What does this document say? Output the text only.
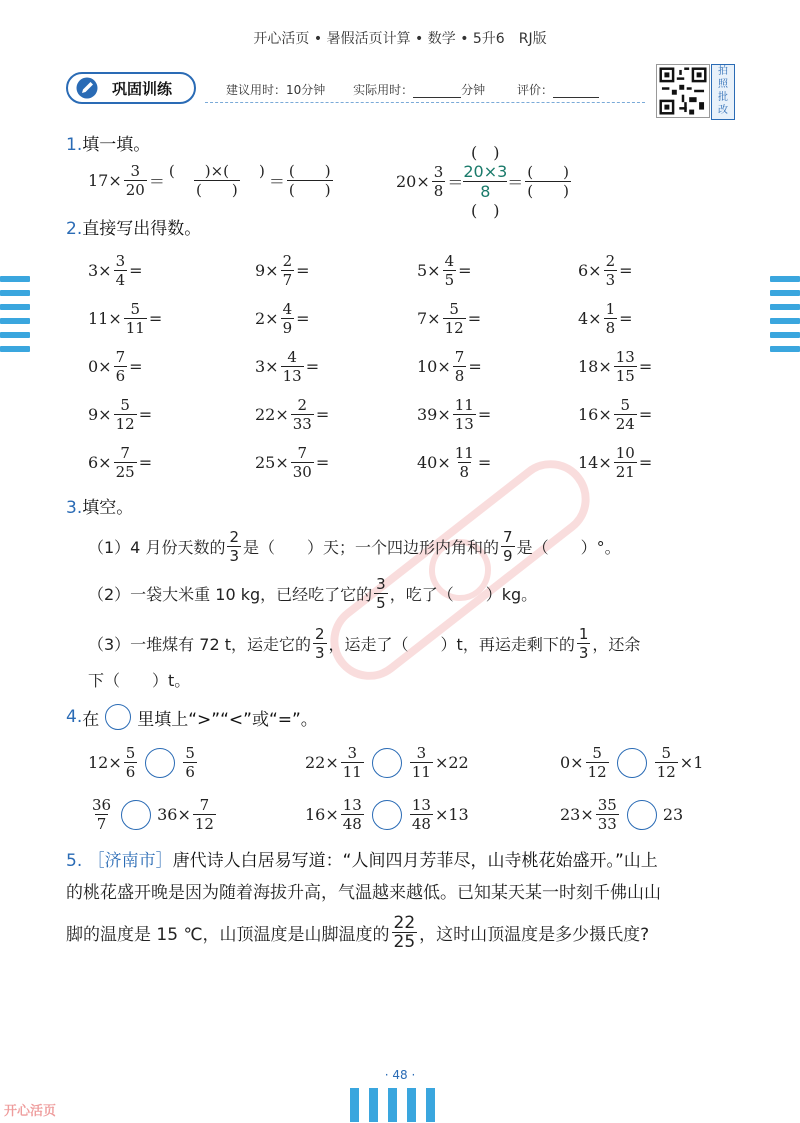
开心活页 • 暑假活页计算 • 数学 • 5升6　RJ版
巩固训练	建议用时：10分钟 实际用时：	分钟	评价：
拍
照
批
改
1.填一填。
$17\times \frac{3}{20} = \frac{( )\times( )}{( )} = \frac{( )}{( )}$	$20\times \frac{3}{8}$ ＝
(　)
20×3
8
(　)
＝ $\frac{( )}{( )}$
2.直接写出得数。
$3\times \frac{3}{4}$ =	$9\times \frac{2}{7}$ =	$5\times \frac{4}{5}$ =	$6\times \frac{2}{3}$ =
$11\times \frac{5}{11}$ =	$2\times \frac{4}{9}$ =	$7\times \frac{5}{12}$ =	$4\times \frac{1}{8}$ =
$0\times \frac{7}{6}$ =	$3\times \frac{4}{13}$ =	$10\times \frac{7}{8}$ =	$18\times \frac{13}{15}$ =
$9\times \frac{5}{12}$ =	$22\times \frac{2}{33}$ =	$39\times \frac{11}{13}$ =	$16\times \frac{5}{24}$ =
$6\times \frac{7}{25}$ =	$25\times \frac{7}{30}$ =	$40\times \frac{11}{8}$ =	$14\times \frac{10}{21}$ =
3.填空。
（1）4 月份天数的 $\frac{2}{3}$ 是（　　）天；一个四边形内角和的 $\frac{7}{9}$ 是（　　）°。
（2）一袋大米重 10 kg，已经吃了它的 $\frac{3}{5}$ ，吃了（　　）kg。
（3）一堆煤有 72 t，运走它的 $\frac{2}{3}$ ，运走了（　　）t，再运走剩下的 $\frac{1}{3}$ ，还余
下（　　）t。
4. 在 里填上“>”“<”或“=”。
$12\times \frac{5}{6}$	$\frac{5}{6}$	$22\times \frac{3}{11}$	$\frac{3}{11} \times 22$	$0\times \frac{5}{12}$	$\frac{5}{12} \times 1$
$\frac{36}{7}$	$36\times \frac{7}{12}$	$16\times \frac{13}{48}$	$\frac{13}{48} \times 13$	$23\times \frac{35}{33}$	23
5. ［济南市］唐代诗人白居易写道：“人间四月芳菲尽，山寺桃花始盛开。”山上
的桃花盛开晚是因为随着海拔升高，气温越来越低。已知某天某一时刻千佛山山
脚的温度是 15 ℃，山顶温度是山脚温度的 $\frac{22}{25}$ ，这时山顶温度是多少摄氏度?
· 48 ·
开心活页
